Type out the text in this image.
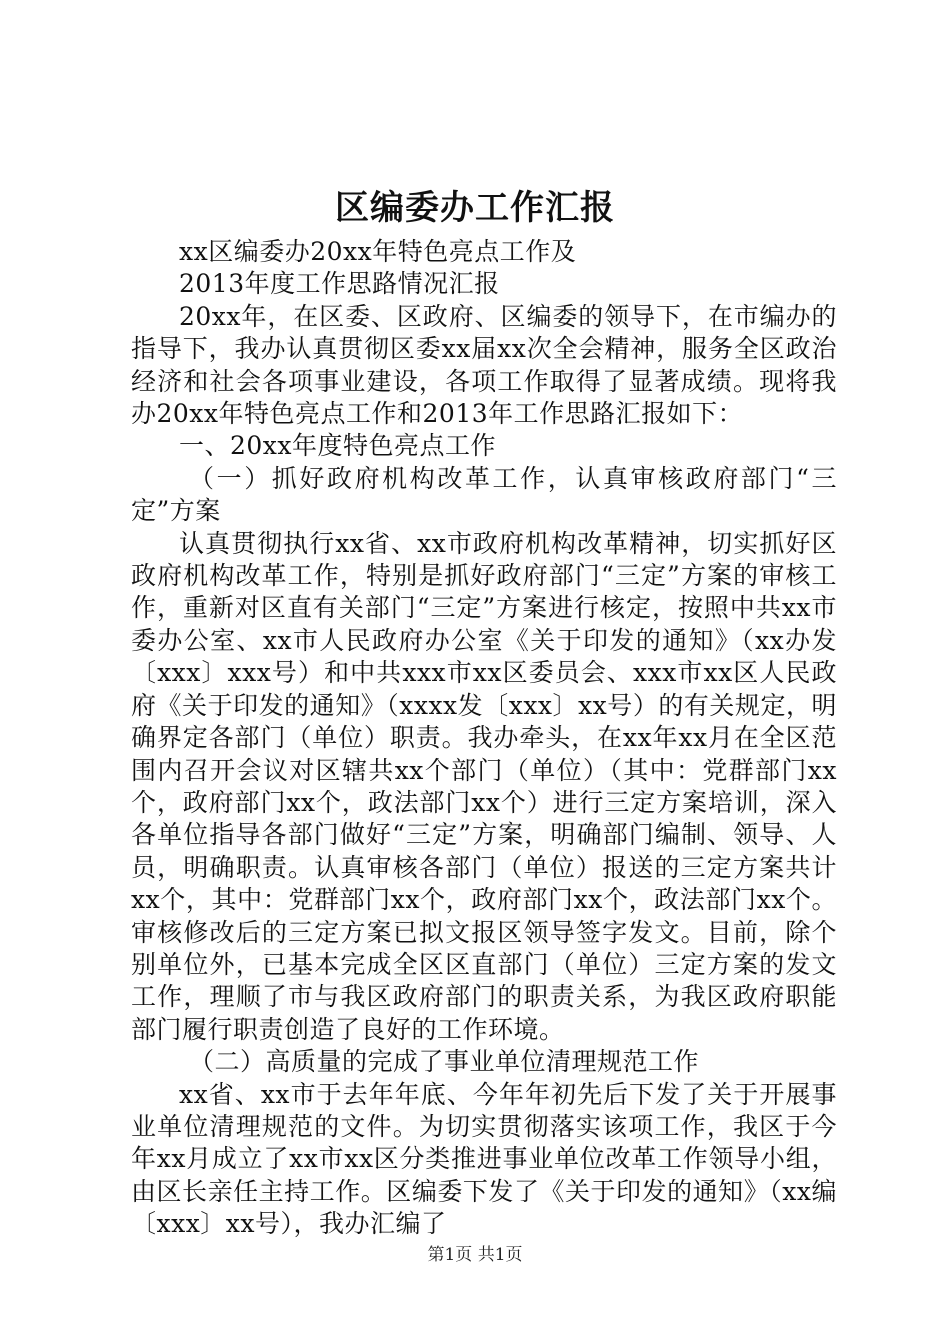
区编委办工作汇报

xx区编委办20xx年特色亮点工作及

2013年度工作思路情况汇报

20xx年，在区委、区政府、区编委的领导下，在市编办的指导下，我办认真贯彻区委xx届xx次全会精神，服务全区政治经济和社会各项事业建设，各项工作取得了显著成绩。现将我办20xx年特色亮点工作和2013年工作思路汇报如下：

一、20xx年度特色亮点工作

（一）抓好政府机构改革工作，认真审核政府部门“三定”方案

认真贯彻执行xx省、xx市政府机构改革精神，切实抓好区政府机构改革工作，特别是抓好政府部门“三定”方案的审核工作，重新对区直有关部门“三定”方案进行核定，按照中共xx市委办公室、xx市人民政府办公室《关于印发的通知》（xx办发〔xxx〕xxx号）和中共xxx市xx区委员会、xxx市xx区人民政府《关于印发的通知》（xxxx发〔xxx〕xx号）的有关规定，明确界定各部门（单位）职责。我办牵头，在xx年xx月在全区范围内召开会议对区辖共xx个部门（单位）（其中：党群部门xx个，政府部门xx个，政法部门xx个）进行三定方案培训，深入各单位指导各部门做好“三定”方案，明确部门编制、领导、人员，明确职责。认真审核各部门（单位）报送的三定方案共计xx个，其中：党群部门xx个，政府部门xx个，政法部门xx个。审核修改后的三定方案已拟文报区领导签字发文。目前，除个别单位外，已基本完成全区区直部门（单位）三定方案的发文工作，理顺了市与我区政府部门的职责关系，为我区政府职能部门履行职责创造了良好的工作环境。

（二）高质量的完成了事业单位清理规范工作

xx省、xx市于去年年底、今年年初先后下发了关于开展事业单位清理规范的文件。为切实贯彻落实该项工作，我区于今年xx月成立了xx市xx区分类推进事业单位改革工作领导小组，由区长亲任主持工作。区编委下发了《关于印发的通知》（xx编〔xxx〕xx号），我办汇编了

第1页 共1页
